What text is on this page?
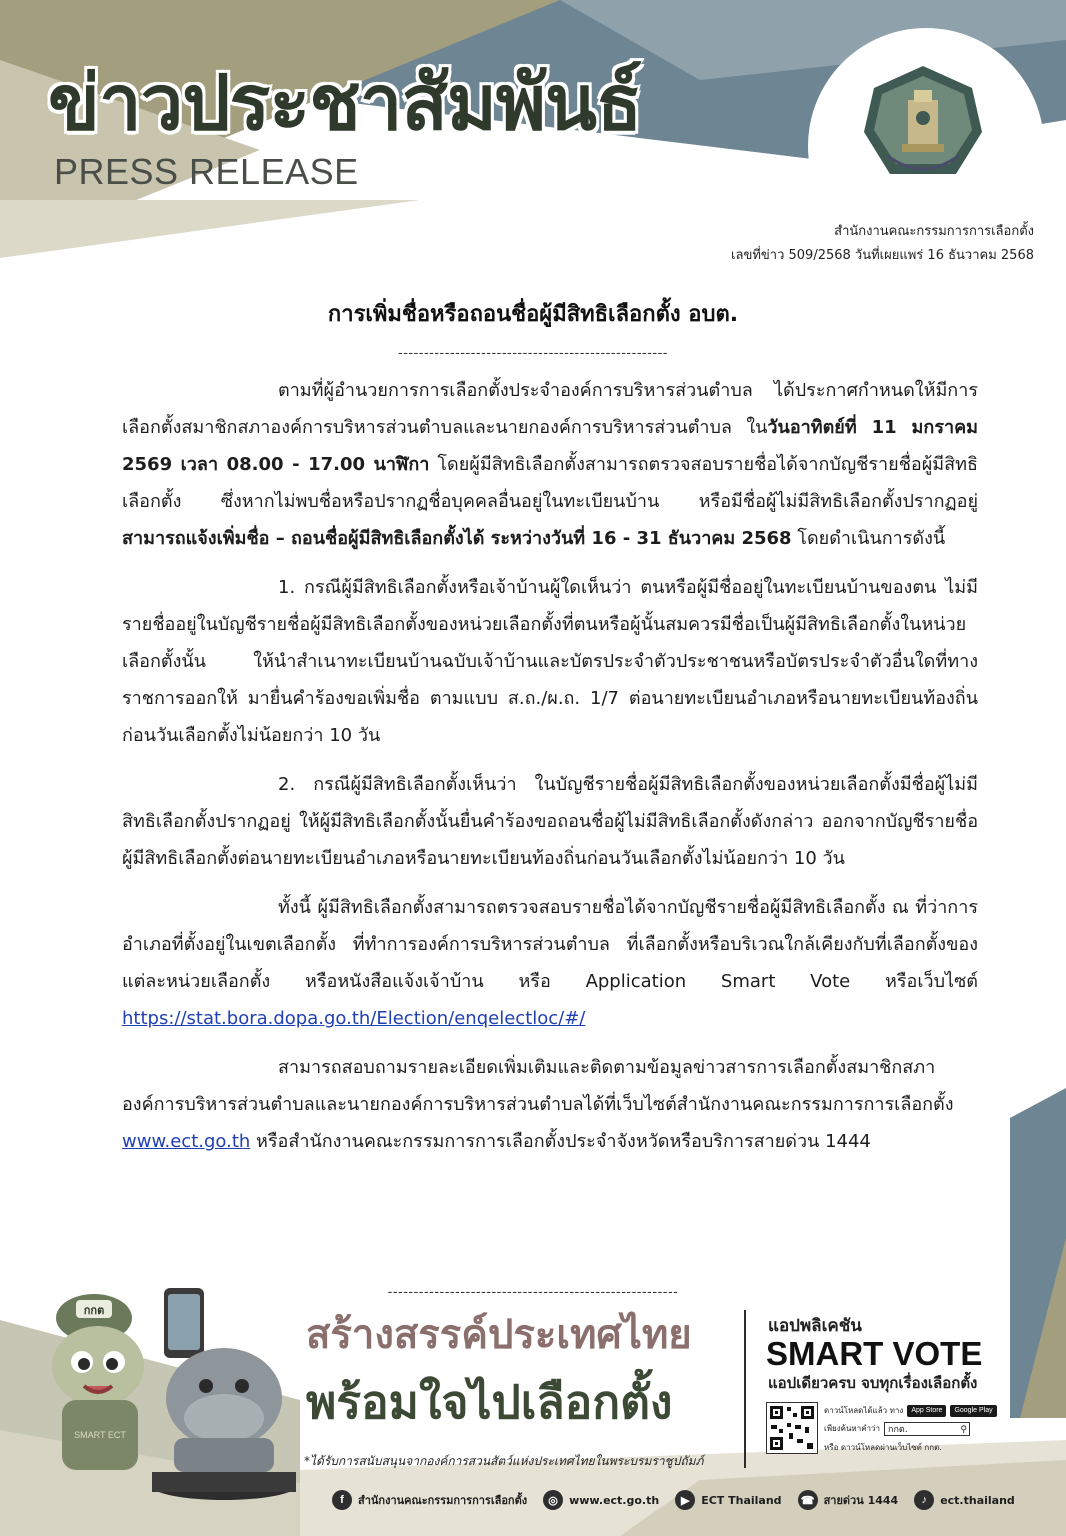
ข่าวประชาสัมพันธ์
PRESS RELEASE
สำนักงานคณะกรรมการการเลือกตั้ง
เลขที่ข่าว 509/2568 วันที่เผยแพร่ 16 ธันวาคม 2568
การเพิ่มชื่อหรือถอนชื่อผู้มีสิทธิเลือกตั้ง อบต.
----------------------------------------------------

ตามที่ผู้อำนวยการการเลือกตั้งประจำองค์การบริหารส่วนตำบล ได้ประกาศกำหนดให้มีการเลือกตั้งสมาชิกสภาองค์การบริหารส่วนตำบลและนายกองค์การบริหารส่วนตำบล ในวันอาทิตย์ที่ 11 มกราคม 2569 เวลา 08.00 - 17.00 นาฬิกา โดยผู้มีสิทธิเลือกตั้งสามารถตรวจสอบรายชื่อได้จากบัญชีรายชื่อผู้มีสิทธิเลือกตั้ง ซึ่งหากไม่พบชื่อหรือปรากฏชื่อบุคคลอื่นอยู่ในทะเบียนบ้าน หรือมีชื่อผู้ไม่มีสิทธิเลือกตั้งปรากฏอยู่ สามารถแจ้งเพิ่มชื่อ – ถอนชื่อผู้มีสิทธิเลือกตั้งได้ ระหว่างวันที่ 16 - 31 ธันวาคม 2568 โดยดำเนินการดังนี้

1. กรณีผู้มีสิทธิเลือกตั้งหรือเจ้าบ้านผู้ใดเห็นว่า ตนหรือผู้มีชื่ออยู่ในทะเบียนบ้านของตน ไม่มีรายชื่ออยู่ในบัญชีรายชื่อผู้มีสิทธิเลือกตั้งของหน่วยเลือกตั้งที่ตนหรือผู้นั้นสมควรมีชื่อเป็นผู้มีสิทธิเลือกตั้งในหน่วยเลือกตั้งนั้น ให้นำสำเนาทะเบียนบ้านฉบับเจ้าบ้านและบัตรประจำตัวประชาชนหรือบัตรประจำตัวอื่นใดที่ทางราชการออกให้ มายื่นคำร้องขอเพิ่มชื่อ ตามแบบ ส.ถ./ผ.ถ. 1/7 ต่อนายทะเบียนอำเภอหรือนายทะเบียนท้องถิ่น ก่อนวันเลือกตั้งไม่น้อยกว่า 10 วัน

2. กรณีผู้มีสิทธิเลือกตั้งเห็นว่า ในบัญชีรายชื่อผู้มีสิทธิเลือกตั้งของหน่วยเลือกตั้งมีชื่อผู้ไม่มีสิทธิเลือกตั้งปรากฏอยู่ ให้ผู้มีสิทธิเลือกตั้งนั้นยื่นคำร้องขอถอนชื่อผู้ไม่มีสิทธิเลือกตั้งดังกล่าว ออกจากบัญชีรายชื่อผู้มีสิทธิเลือกตั้งต่อนายทะเบียนอำเภอหรือนายทะเบียนท้องถิ่นก่อนวันเลือกตั้งไม่น้อยกว่า 10 วัน

ทั้งนี้ ผู้มีสิทธิเลือกตั้งสามารถตรวจสอบรายชื่อได้จากบัญชีรายชื่อผู้มีสิทธิเลือกตั้ง ณ ที่ว่าการอำเภอที่ตั้งอยู่ในเขตเลือกตั้ง ที่ทำการองค์การบริหารส่วนตำบล ที่เลือกตั้งหรือบริเวณใกล้เคียงกับที่เลือกตั้งของแต่ละหน่วยเลือกตั้ง หรือหนังสือแจ้งเจ้าบ้าน หรือ Application Smart Vote หรือเว็บไซต์ https://stat.bora.dopa.go.th/Election/enqelectloc/#/

สามารถสอบถามรายละเอียดเพิ่มเติมและติดตามข้อมูลข่าวสารการเลือกตั้งสมาชิกสภาองค์การบริหารส่วนตำบลและนายกองค์การบริหารส่วนตำบลได้ที่เว็บไซต์สำนักงานคณะกรรมการการเลือกตั้ง www.ect.go.th หรือสำนักงานคณะกรรมการการเลือกตั้งประจำจังหวัดหรือบริการสายด่วน 1444

--------------------------------------------------------
กกต
SMART ECT
สร้างสรรค์ประเทศไทย
พร้อมใจไปเลือกตั้ง
*ได้รับการสนับสนุนจากองค์การสวนสัตว์แห่งประเทศไทยในพระบรมราชูปถัมภ์
แอปพลิเคชัน
SMART VOTE
แอปเดียวครบ จบทุกเรื่องเลือกตั้ง
ดาวน์โหลดได้แล้ว ทาง	App Store	Google Play
เพียงค้นหาคำว่า กกต.	⚲
หรือ ดาวน์โหลดผ่านเว็บไซต์ กกต.
f	สำนักงานคณะกรรมการการเลือกตั้ง	◎	www.ect.go.th	▶	ECT Thailand ☎ สายด่วน 1444	♪	ect.thailand
